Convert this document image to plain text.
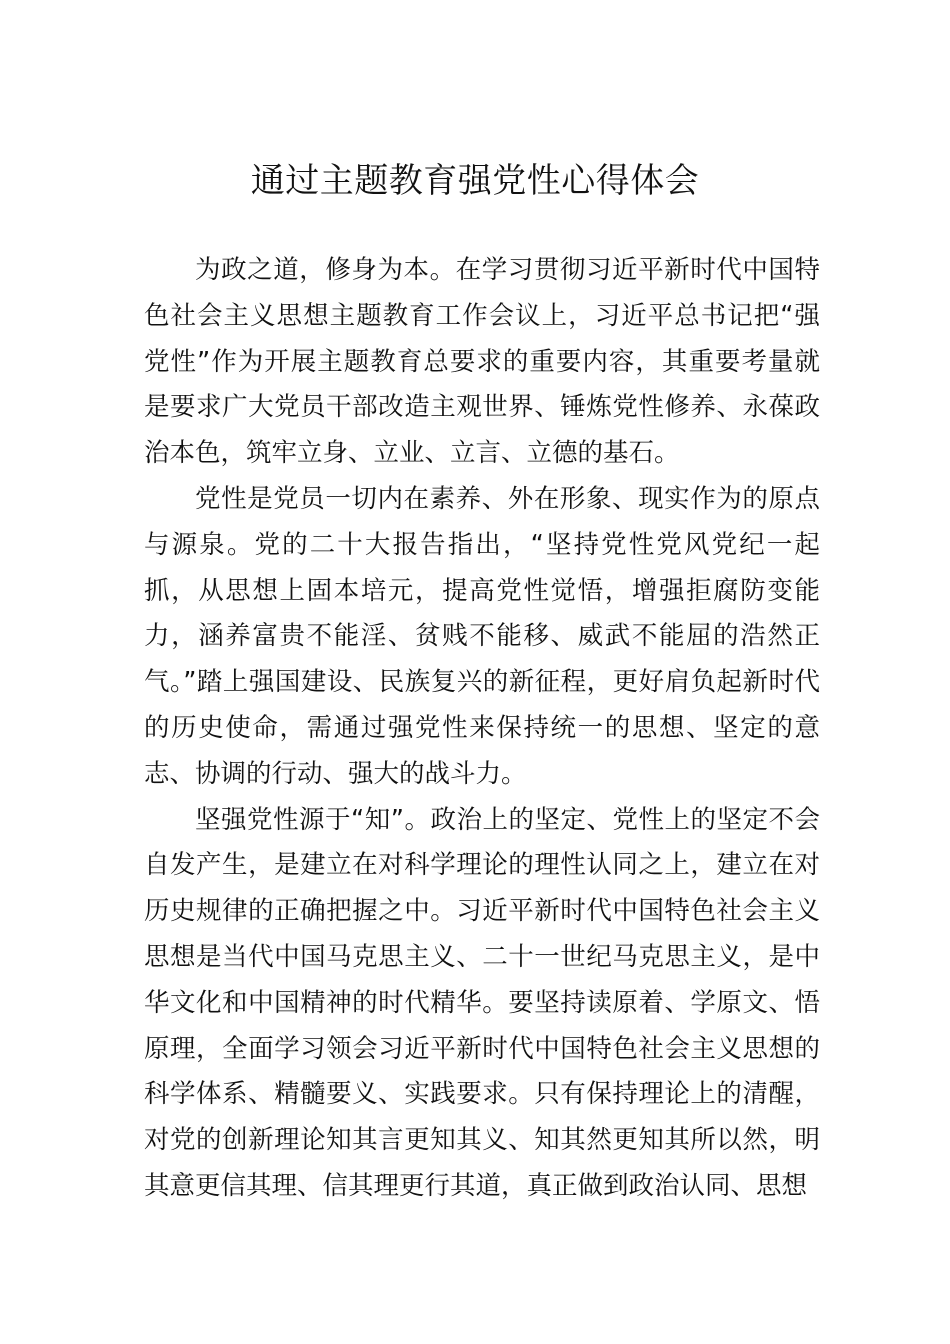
通过主题教育强党性心得体会

为政之道，修身为本。在学习贯彻习近平新时代中国特色社会主义思想主题教育工作会议上，习近平总书记把“强党性”作为开展主题教育总要求的重要内容，其重要考量就是要求广大党员干部改造主观世界、锤炼党性修养、永葆政治本色，筑牢立身、立业、立言、立德的基石。

党性是党员一切内在素养、外在形象、现实作为的原点与源泉。党的二十大报告指出，“坚持党性党风党纪一起抓，从思想上固本培元，提高党性觉悟，增强拒腐防变能力，涵养富贵不能淫、贫贱不能移、威武不能屈的浩然正气。”踏上强国建设、民族复兴的新征程，更好肩负起新时代的历史使命，需通过强党性来保持统一的思想、坚定的意志、协调的行动、强大的战斗力。

坚强党性源于“知”。政治上的坚定、党性上的坚定不会自发产生，是建立在对科学理论的理性认同之上，建立在对历史规律的正确把握之中。习近平新时代中国特色社会主义思想是当代中国马克思主义、二十一世纪马克思主义，是中华文化和中国精神的时代精华。要坚持读原着、学原文、悟原理，全面学习领会习近平新时代中国特色社会主义思想的科学体系、精髓要义、实践要求。只有保持理论上的清醒， 对党的创新理论知其言更知其义、知其然更知其所以然，明其意更信其理、信其理更行其道，真正做到政治认同、思想
